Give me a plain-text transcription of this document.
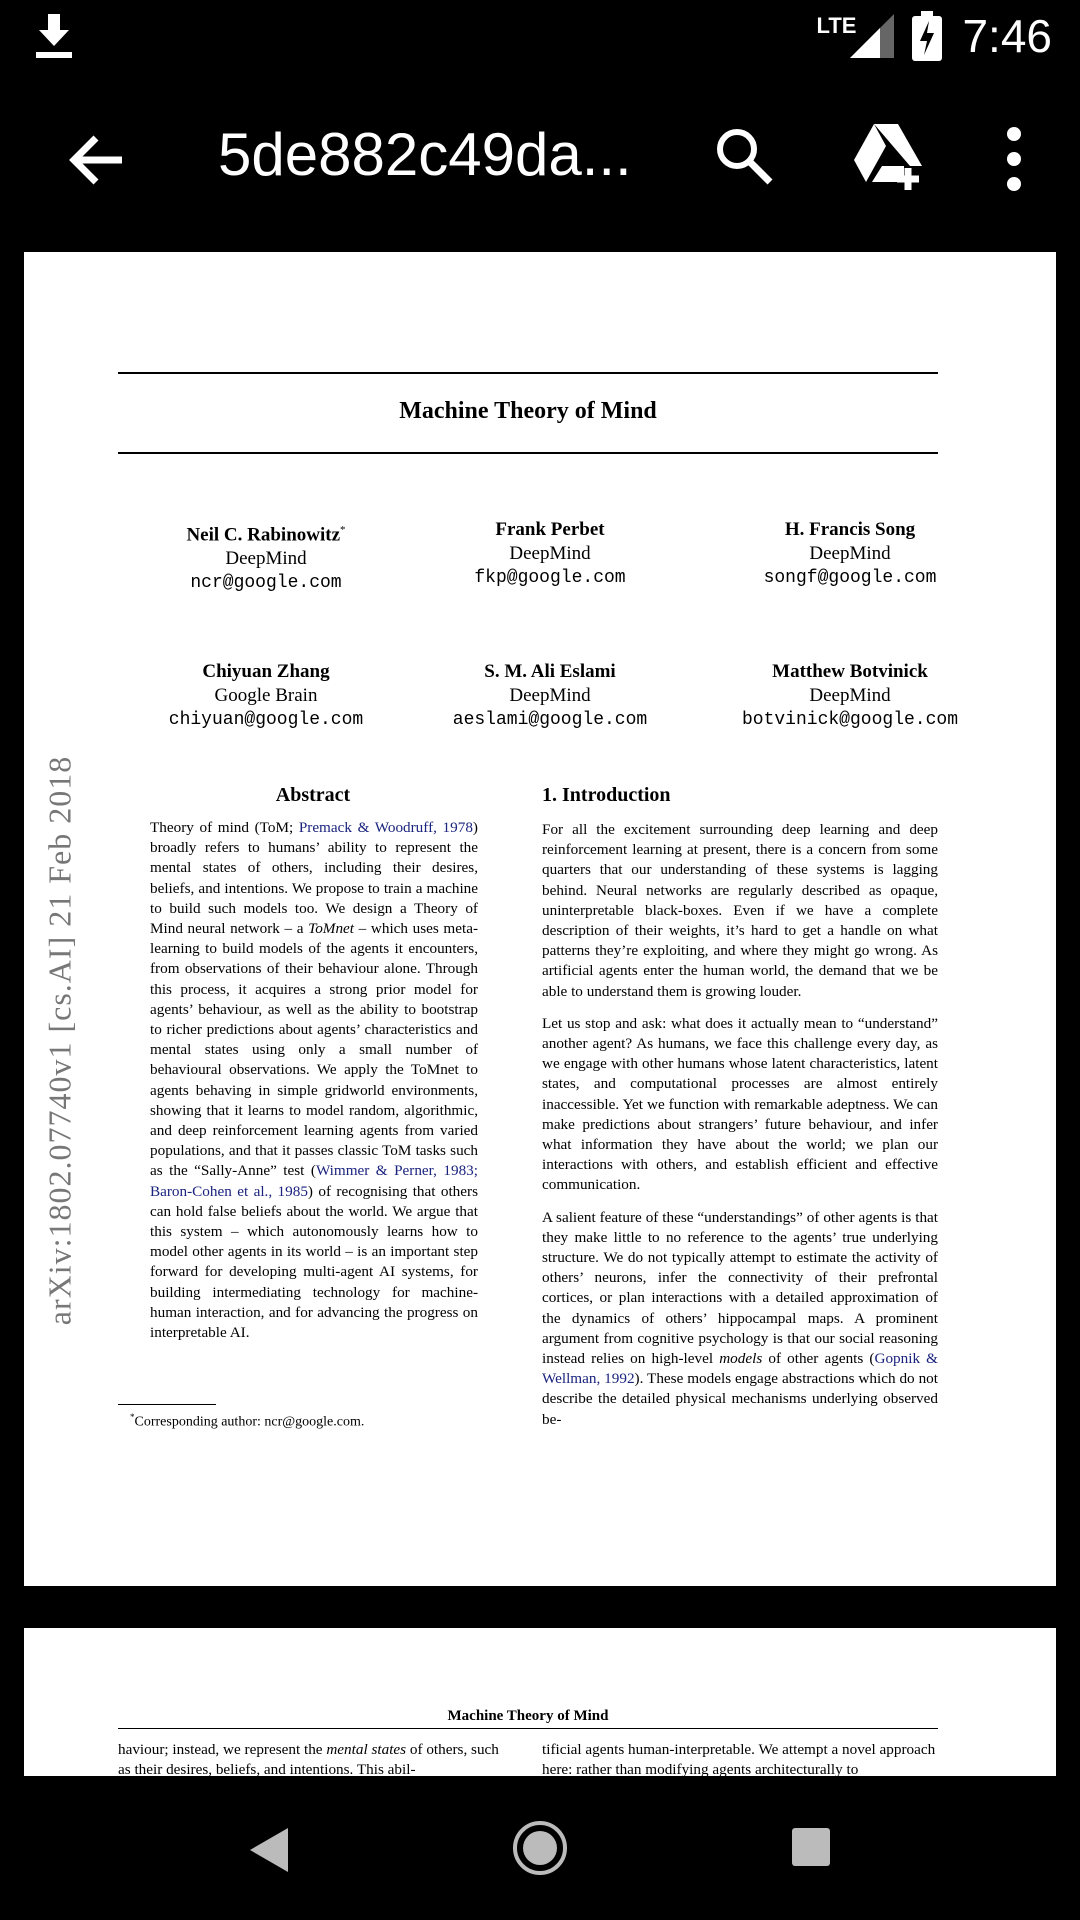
LTE 7:46
5de882c49da...
Machine Theory of Mind
Neil C. Rabinowitz*
DeepMind
ncr@google.com
Frank Perbet
DeepMind
fkp@google.com
H. Francis Song
DeepMind
songf@google.com
Chiyuan Zhang
Google Brain
chiyuan@google.com
S. M. Ali Eslami
DeepMind
aeslami@google.com
Matthew Botvinick
DeepMind
botvinick@google.com
arXiv:1802.07740v1 [cs.AI] 21 Feb 2018	Abstract

Theory of mind (ToM; Premack & Woodruff, 1978) broadly refers to humans’ ability to represent the mental states of others, including their desires, beliefs, and intentions. We propose to train a machine to build such models too. We design a Theory of Mind neural network – a ToMnet – which uses meta-learning to build models of the agents it encounters, from observations of their behaviour alone. Through this process, it acquires a strong prior model for agents’ behaviour, as well as the ability to bootstrap to richer predictions about agents’ characteristics and mental states using only a small number of behavioural observations. We apply the ToMnet to agents behaving in simple gridworld environments, showing that it learns to model random, algorithmic, and deep reinforcement learning agents from varied populations, and that it passes classic ToM tasks such as the “Sally-Anne” test (Wimmer & Perner, 1983; Baron-Cohen et al., 1985) of recognising that others can hold false beliefs about the world. We argue that this system – which autonomously learns how to model other agents in its world – is an important step forward for developing multi-agent AI systems, for building intermediating technology for machine-human interaction, and for advancing the progress on interpretable AI.

*Corresponding author: ncr@google.com.
1. Introduction

For all the excitement surrounding deep learning and deep reinforcement learning at present, there is a concern from some quarters that our understanding of these systems is lagging behind. Neural networks are regularly described as opaque, uninterpretable black-boxes. Even if we have a complete description of their weights, it’s hard to get a handle on what patterns they’re exploiting, and where they might go wrong. As artificial agents enter the human world, the demand that we be able to understand them is growing louder.

Let us stop and ask: what does it actually mean to “understand” another agent? As humans, we face this challenge every day, as we engage with other humans whose latent characteristics, latent states, and computational processes are almost entirely inaccessible. Yet we function with remarkable adeptness. We can make predictions about strangers’ future behaviour, and infer what information they have about the world; we plan our interactions with others, and establish efficient and effective communication.

A salient feature of these “understandings” of other agents is that they make little to no reference to the agents’ true underlying structure. We do not typically attempt to estimate the activity of others’ neurons, infer the connectivity of their prefrontal cortices, or plan interactions with a detailed approximation of the dynamics of others’ hippocampal maps. A prominent argument from cognitive psychology is that our social reasoning instead relies on high-level models of other agents (Gopnik & Wellman, 1992). These models engage abstractions which do not describe the detailed physical mechanisms underlying observed be-

Machine Theory of Mind
haviour; instead, we represent the mental states of others, such as their desires, beliefs, and intentions. This abil-
tificial agents human-interpretable. We attempt a novel approach here: rather than modifying agents architecturally to
